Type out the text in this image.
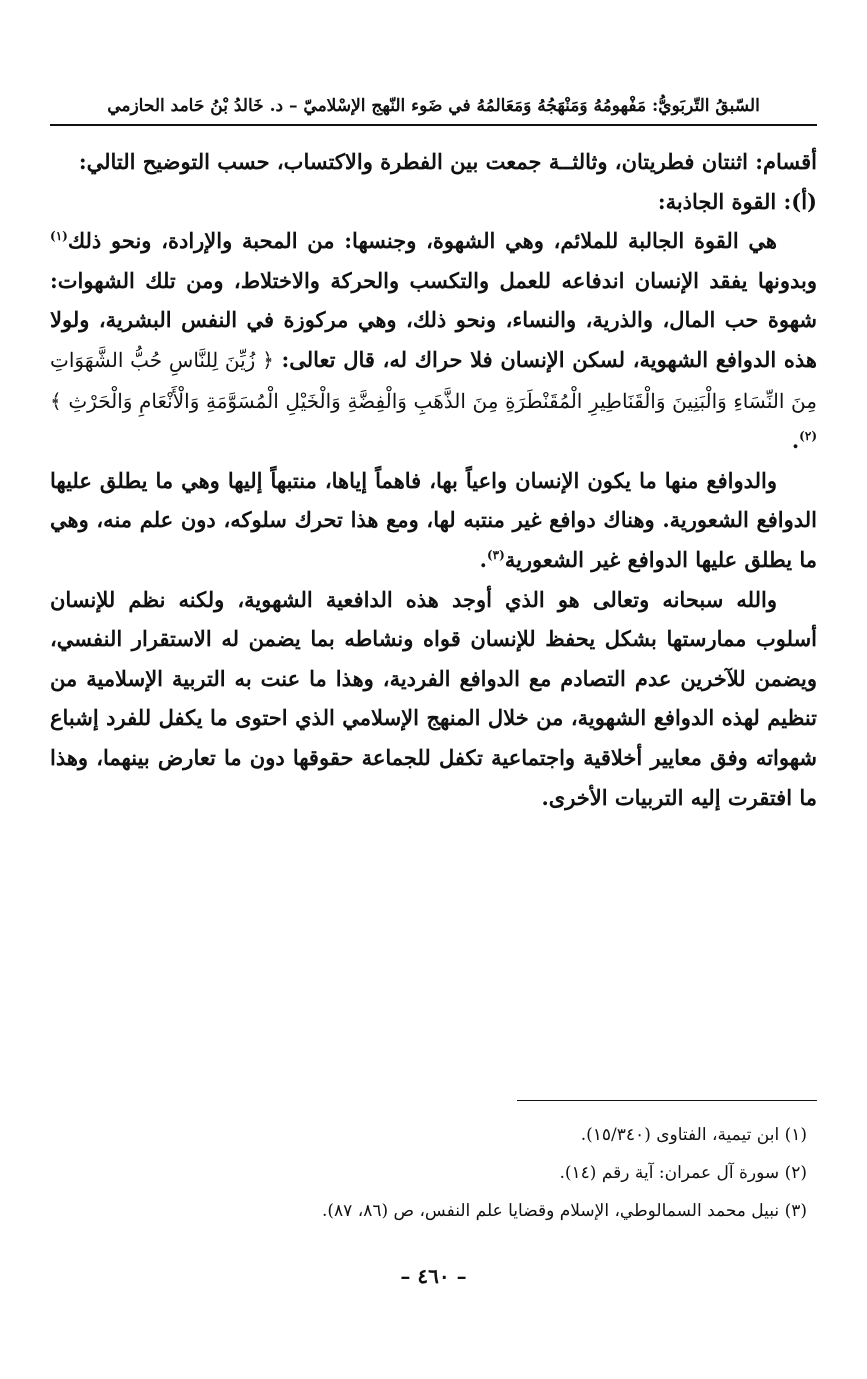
السّبقُ التّربَويُّ: مَفْهومُهُ وَمَنْهَجُهُ وَمَعَالمُهُ في ضَوء النّهج الإسْلاميّ – د. خَالدُ بْنُ حَامد الحازمي

أقسام: اثنتان فطريتان، وثالثــة جمعت بين الفطرة والاكتساب، حسب التوضيح التالي:

(أ): القوة الجاذبة:

هي القوة الجالبة للملائم، وهي الشهوة، وجنسها: من المحبة والإرادة، ونحو ذلك$^{(١)}$ وبدونها يفقد الإنسان اندفاعه للعمل والتكسب والحركة والاختلاط، ومن تلك الشهوات: شهوة حب المال، والذرية، والنساء، ونحو ذلك، وهي مركوزة في النفس البشرية، ولولا هذه الدوافع الشهوية، لسكن الإنسان فلا حراك له، قال تعالى: ﴿ زُيِّنَ لِلنَّاسِ حُبُّ الشَّهَوَاتِ مِنَ النِّسَاءِ وَالْبَنِينَ وَالْقَنَاطِيرِ الْمُقَنْطَرَةِ مِنَ الذَّهَبِ وَالْفِضَّةِ وَالْخَيْلِ الْمُسَوَّمَةِ وَالْأَنْعَامِ وَالْحَرْثِ ﴾$^{(٢)}$.

والدوافع منها ما يكون الإنسان واعياً بها، فاهماً إياها، منتبهاً إليها وهي ما يطلق عليها الدوافع الشعورية. وهناك دوافع غير منتبه لها، ومع هذا تحرك سلوكه، دون علم منه، وهي ما يطلق عليها الدوافع غير الشعورية$^{(٣)}$.

والله سبحانه وتعالى هو الذي أوجد هذه الدافعية الشهوية، ولكنه نظم للإنسان أسلوب ممارستها بشكل يحفظ للإنسان قواه ونشاطه بما يضمن له الاستقرار النفسي، ويضمن للآخرين عدم التصادم مع الدوافع الفردية، وهذا ما عنت به التربية الإسلامية من تنظيم لهذه الدوافع الشهوية، من خلال المنهج الإسلامي الذي احتوى ما يكفل للفرد إشباع شهواته وفق معايير أخلاقية واجتماعية تكفل للجماعة حقوقها دون ما تعارض بينهما، وهذا ما افتقرت إليه التربيات الأخرى.

(١) ابن تيمية، الفتاوى (١٥/٣٤٠).
(٢) سورة آل عمران: آية رقم (١٤).
(٣) نبيل محمد السمالوطي، الإسلام وقضايا علم النفس، ص (٨٦، ٨٧).
– ٤٦٠ –
